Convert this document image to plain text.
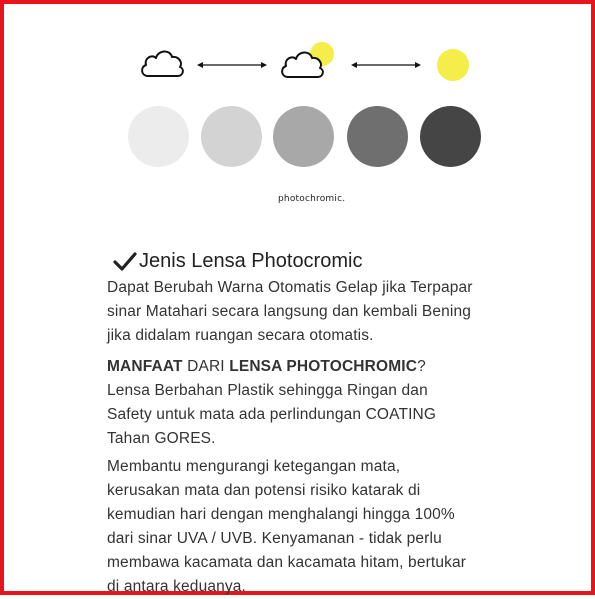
photochromic.
Jenis Lensa Photocromic
Dapat Berubah Warna Otomatis Gelap jika Terpapar
sinar Matahari secara langsung dan kembali Bening
jika didalam ruangan secara otomatis.
MANFAAT DARI LENSA PHOTOCHROMIC?
Lensa Berbahan Plastik sehingga Ringan dan
Safety untuk mata ada perlindungan COATING
Tahan GORES.
Membantu mengurangi ketegangan mata,
kerusakan mata dan potensi risiko katarak di
kemudian hari dengan menghalangi hingga 100%
dari sinar UVA / UVB. Kenyamanan - tidak perlu
membawa kacamata dan kacamata hitam, bertukar
di antara keduanya.
